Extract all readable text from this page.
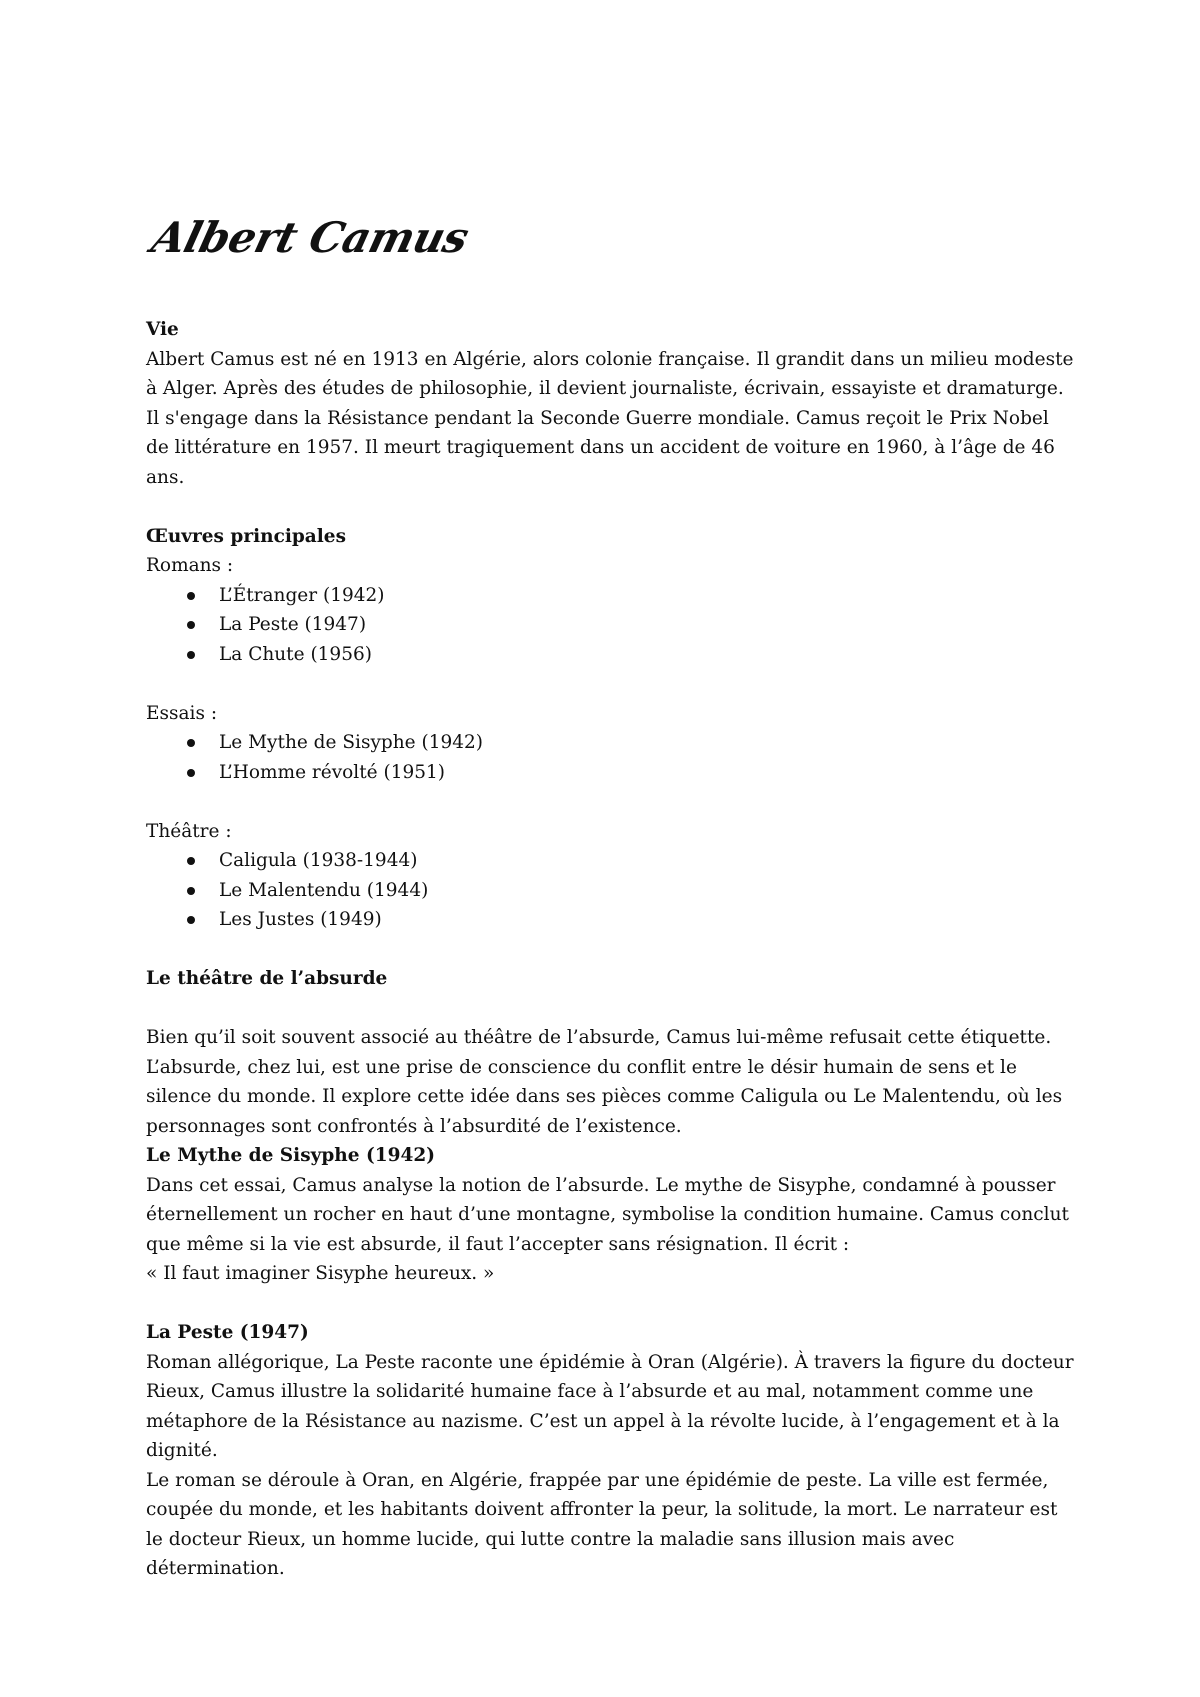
Albert Camus

Vie

Albert Camus est né en 1913 en Algérie, alors colonie française. Il grandit dans un milieu modeste à Alger. Après des études de philosophie, il devient journaliste, écrivain, essayiste et dramaturge. Il s'engage dans la Résistance pendant la Seconde Guerre mondiale. Camus reçoit le Prix Nobel de littérature en 1957. Il meurt tragiquement dans un accident de voiture en 1960, à l’âge de 46 ans.

Œuvres principales

Romans :

L’Étranger (1942)
La Peste (1947)
La Chute (1956)

Essais :

Le Mythe de Sisyphe (1942)
L’Homme révolté (1951)

Théâtre :

Caligula (1938-1944)
Le Malentendu (1944)
Les Justes (1949)

Le théâtre de l’absurde

Bien qu’il soit souvent associé au théâtre de l’absurde, Camus lui-même refusait cette étiquette. L’absurde, chez lui, est une prise de conscience du conflit entre le désir humain de sens et le silence du monde. Il explore cette idée dans ses pièces comme Caligula ou Le Malentendu, où les personnages sont confrontés à l’absurdité de l’existence.

Le Mythe de Sisyphe (1942)

Dans cet essai, Camus analyse la notion de l’absurde. Le mythe de Sisyphe, condamné à pousser éternellement un rocher en haut d’une montagne, symbolise la condition humaine. Camus conclut que même si la vie est absurde, il faut l’accepter sans résignation. Il écrit :

« Il faut imaginer Sisyphe heureux. »

La Peste (1947)

Roman allégorique, La Peste raconte une épidémie à Oran (Algérie). À travers la figure du docteur Rieux, Camus illustre la solidarité humaine face à l’absurde et au mal, notamment comme une métaphore de la Résistance au nazisme. C’est un appel à la révolte lucide, à l’engagement et à la dignité.

Le roman se déroule à Oran, en Algérie, frappée par une épidémie de peste. La ville est fermée, coupée du monde, et les habitants doivent affronter la peur, la solitude, la mort. Le narrateur est le docteur Rieux, un homme lucide, qui lutte contre la maladie sans illusion mais avec détermination.
